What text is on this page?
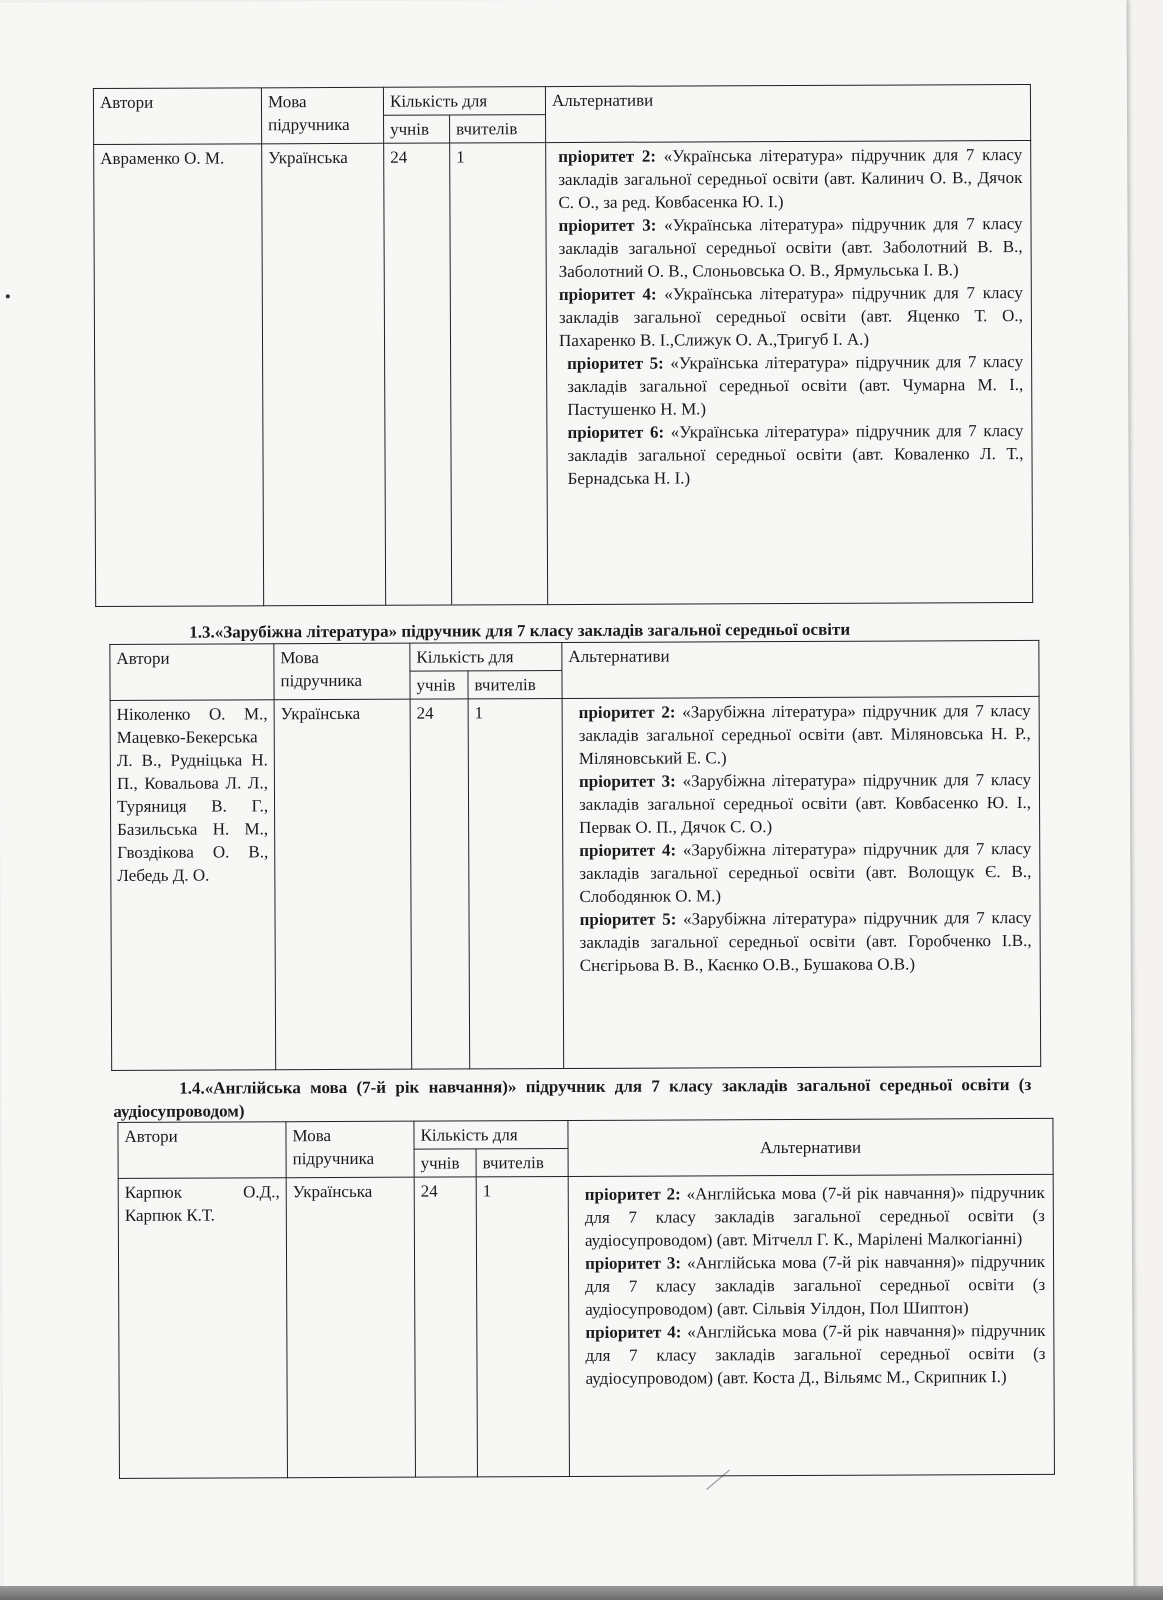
Автори	Мова підручника	Кількість для		Альтернативи
		учнів	вчителів	
Авраменко О. М.	Українська	24	1	пріоритет 2: «Українська література» підручник для 7 класу закладів загальної середньої освіти (авт. Калинич О. В., Дячок С. О., за ред. Ковбасенка Ю. І.)

пріоритет 3: «Українська література» підручник для 7 класу закладів загальної середньої освіти (авт. Заболотний В. В., Заболотний О. В., Слоньовська О. В., Ярмульська І. В.)

пріоритет 4: «Українська література» підручник для 7 класу закладів загальної середньої освіти (авт. Яценко Т. О., Пахаренко В. І.,Слижук О. А.,Тригуб І. А.)

пріоритет 5: «Українська література» підручник для 7 класу закладів загальної середньої освіти (авт. Чумарна М. І., Пастушенко Н. М.)

пріоритет 6: «Українська література» підручник для 7 класу закладів загальної середньої освіти (авт. Коваленко Л. Т., Бернадська Н. І.)

1.3.«Зарубіжна література» підручник для 7 класу закладів загальної середньої освіти
Автори	Мова підручника	Кількість для		Альтернативи
		учнів	вчителів	
Ніколенко О. М., Мацевко-Бекерська Л. В., Рудніцька Н. П., Ковальова Л. Л., Туряниця В. Г., Базильська Н. М., Гвоздікова О. В., Лебедь Д. О.	Українська	24	1	пріоритет 2: «Зарубіжна література» підручник для 7 класу закладів загальної середньої освіти (авт. Міляновська Н. Р., Міляновський Е. С.)

пріоритет 3: «Зарубіжна література» підручник для 7 класу закладів загальної середньої освіти (авт. Ковбасенко Ю. І., Первак О. П., Дячок С. О.)

пріоритет 4: «Зарубіжна література» підручник для 7 класу закладів загальної середньої освіти (авт. Волощук Є. В., Слободянюк О. М.)

пріоритет 5: «Зарубіжна література» підручник для 7 класу закладів загальної середньої освіти (авт. Горобченко І.В., Снєгірьова В. В., Каєнко О.В., Бушакова О.В.)

1.4.«Англійська мова (7-й рік навчання)» підручник для 7 класу закладів загальної середньої освіти (з аудіосупроводом)
Автори	Мова підручника	Кількість для		Альтернативи
		учнів	вчителів	
Карпюк О.Д., Карпюк К.Т.	Українська	24	1	пріоритет 2: «Англійська мова (7-й рік навчання)» підручник для 7 класу закладів загальної середньої освіти (з аудіосупроводом) (авт. Мітчелл Г. К., Марілені Малкогіанні)

пріоритет 3: «Англійська мова (7-й рік навчання)» підручник для 7 класу закладів загальної середньої освіти (з аудіосупроводом) (авт. Сільвія Уілдон, Пол Шиптон)

пріоритет 4: «Англійська мова (7-й рік навчання)» підручник для 7 класу закладів загальної середньої освіти (з аудіосупроводом) (авт. Коста Д., Вільямс М., Скрипник І.)
